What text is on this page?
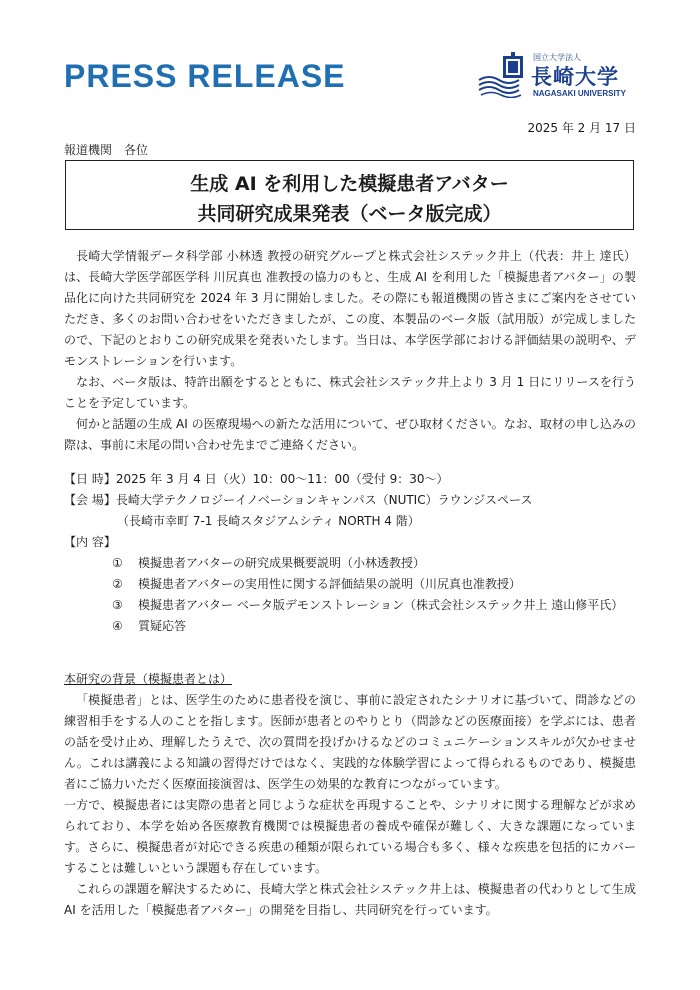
PRESS RELEASE
国立大学法人
長崎大学
NAGASAKI UNIVERSITY
2025 年 2 月 17 日
報道機関　各位
生成 AI を利用した模擬患者アバター
共同研究成果発表（ベータ版完成）

長崎大学情報データ科学部 小林透 教授の研究グループと株式会社システック井上（代表：井上 達氏）は、長崎大学医学部医学科 川尻真也 准教授の協力のもと、生成 AI を利用した「模擬患者アバター」の製品化に向けた共同研究を 2024 年 3 月に開始しました。その際にも報道機関の皆さまにご案内をさせていただき、多くのお問い合わせをいただきましたが、この度、本製品のベータ版（試用版）が完成しましたので、下記のとおりこの研究成果を発表いたします。当日は、本学医学部における評価結果の説明や、デモンストレーションを行います。

なお、ベータ版は、特許出願をするとともに、株式会社システック井上より 3 月 1 日にリリースを行うことを予定しています。

何かと話題の生成 AI の医療現場への新たな活用について、ぜひ取材ください。なお、取材の申し込みの際は、事前に末尾の問い合わせ先までご連絡ください。

【日 時】2025 年 3 月 4 日（火）10：00～11：00（受付 9：30～）
【会 場】長崎大学テクノロジーイノベーションキャンパス（NUTIC）ラウンジスペース
（長崎市幸町 7-1 長崎スタジアムシティ NORTH 4 階）
【内 容】
① 模擬患者アバターの研究成果概要説明（小林透教授）
② 模擬患者アバターの実用性に関する評価結果の説明（川尻真也准教授）
③ 模擬患者アバター ベータ版デモンストレーション（株式会社システック井上 遠山修平氏）
④ 質疑応答
本研究の背景（模擬患者とは）

「模擬患者」とは、医学生のために患者役を演じ、事前に設定されたシナリオに基づいて、問診などの練習相手をする人のことを指します。医師が患者とのやりとり（問診などの医療面接）を学ぶには、患者の話を受け止め、理解したうえで、次の質問を投げかけるなどのコミュニケーションスキルが欠かせません。これは講義による知識の習得だけではなく、実践的な体験学習によって得られるものであり、模擬患者にご協力いただく医療面接演習は、医学生の効果的な教育につながっています。

一方で、模擬患者には実際の患者と同じような症状を再現することや、シナリオに関する理解などが求められており、本学を始め各医療教育機関では模擬患者の養成や確保が難しく、大きな課題になっています。さらに、模擬患者が対応できる疾患の種類が限られている場合も多く、様々な疾患を包括的にカバーすることは難しいという課題も存在しています。

これらの課題を解決するために、長崎大学と株式会社システック井上は、模擬患者の代わりとして生成 AI を活用した「模擬患者アバター」の開発を目指し、共同研究を行っています。
